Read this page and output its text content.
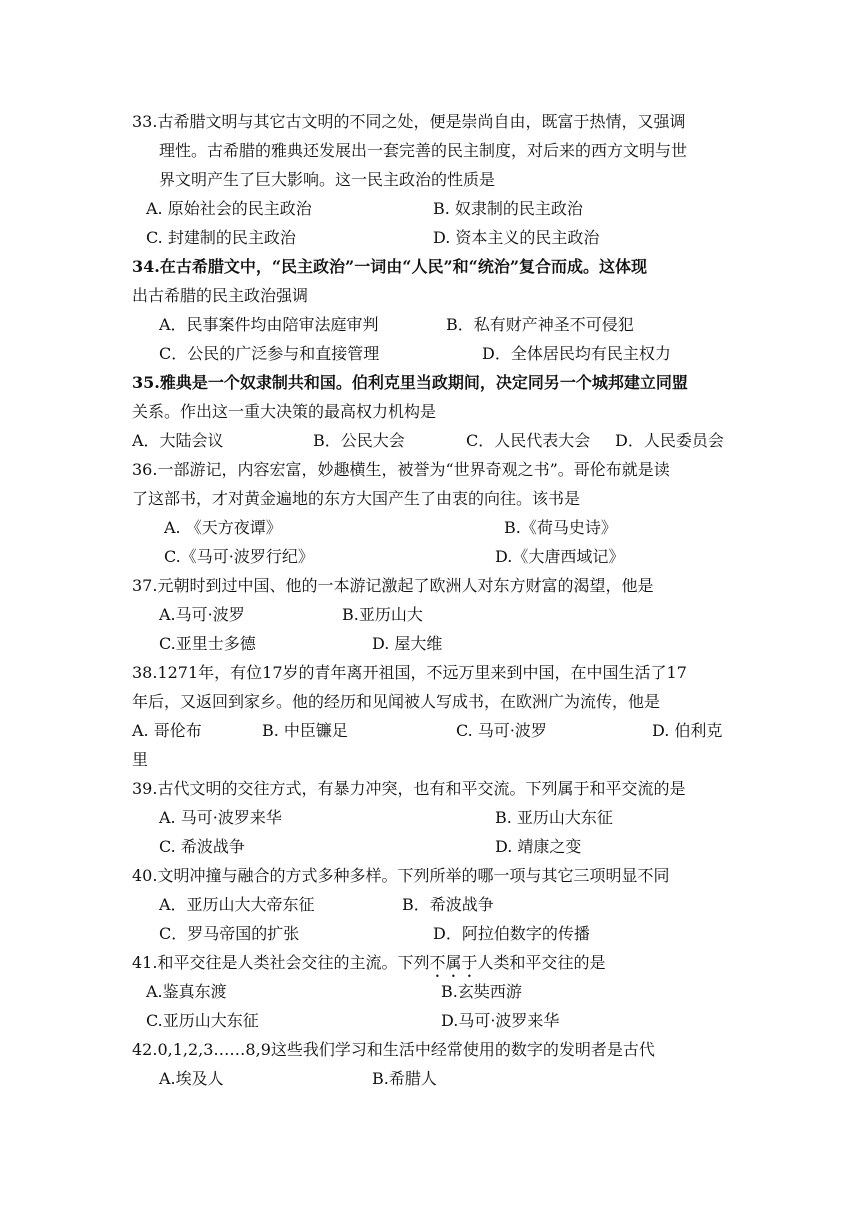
33.古希腊文明与其它古文明的不同之处，便是崇尚自由，既富于热情，又强调
理性。古希腊的雅典还发展出一套完善的民主制度，对后来的西方文明与世
界文明产生了巨大影响。这一民主政治的性质是
A. 原始社会的民主政治	B. 奴隶制的民主政治
C. 封建制的民主政治	D. 资本主义的民主政治
34.在古希腊文中，“民主政治”一词由“人民”和“统治”复合而成。这体现
出古希腊的民主政治强调
A．民事案件均由陪审法庭审判	B．私有财产神圣不可侵犯
C．公民的广泛参与和直接管理	D．全体居民均有民主权力
35.雅典是一个奴隶制共和国。伯利克里当政期间，决定同另一个城邦建立同盟
关系。作出这一重大决策的最高权力机构是
A．大陆会议	B．公民大会	C．人民代表大会 D．人民委员会
36.一部游记，内容宏富，妙趣横生，被誉为“世界奇观之书”。哥伦布就是读
了这部书，才对黄金遍地的东方大国产生了由衷的向往。该书是
A. 《天方夜谭》	B.《荷马史诗》
C.《马可·波罗行纪》	D.《大唐西域记》
37.元朝时到过中国、他的一本游记激起了欧洲人对东方财富的渴望，他是
A.马可·波罗	B.亚历山大
C.亚里士多德	D. 屋大维
38.1271年，有位17岁的青年离开祖国，不远万里来到中国，在中国生活了17
年后，又返回到家乡。他的经历和见闻被人写成书，在欧洲广为流传，他是
A. 哥伦布	B. 中臣镰足	C. 马可·波罗	D. 伯利克
里
39.古代文明的交往方式，有暴力冲突，也有和平交流。下列属于和平交流的是
A. 马可·波罗来华	B. 亚历山大东征
C. 希波战争	D. 靖康之变
40.文明冲撞与融合的方式多种多样。下列所举的哪一项与其它三项明显不同
A．亚历山大大帝东征	B．希波战争
C．罗马帝国的扩张	D．阿拉伯数字的传播
41.和平交往是人类社会交往的主流。下列不属于人类和平交往的是
A.鉴真东渡	B.玄奘西游
C.亚历山大东征	D.马可·波罗来华
42.0,1,2,3……8,9这些我们学习和生活中经常使用的数字的发明者是古代
A.埃及人	B.希腊人
